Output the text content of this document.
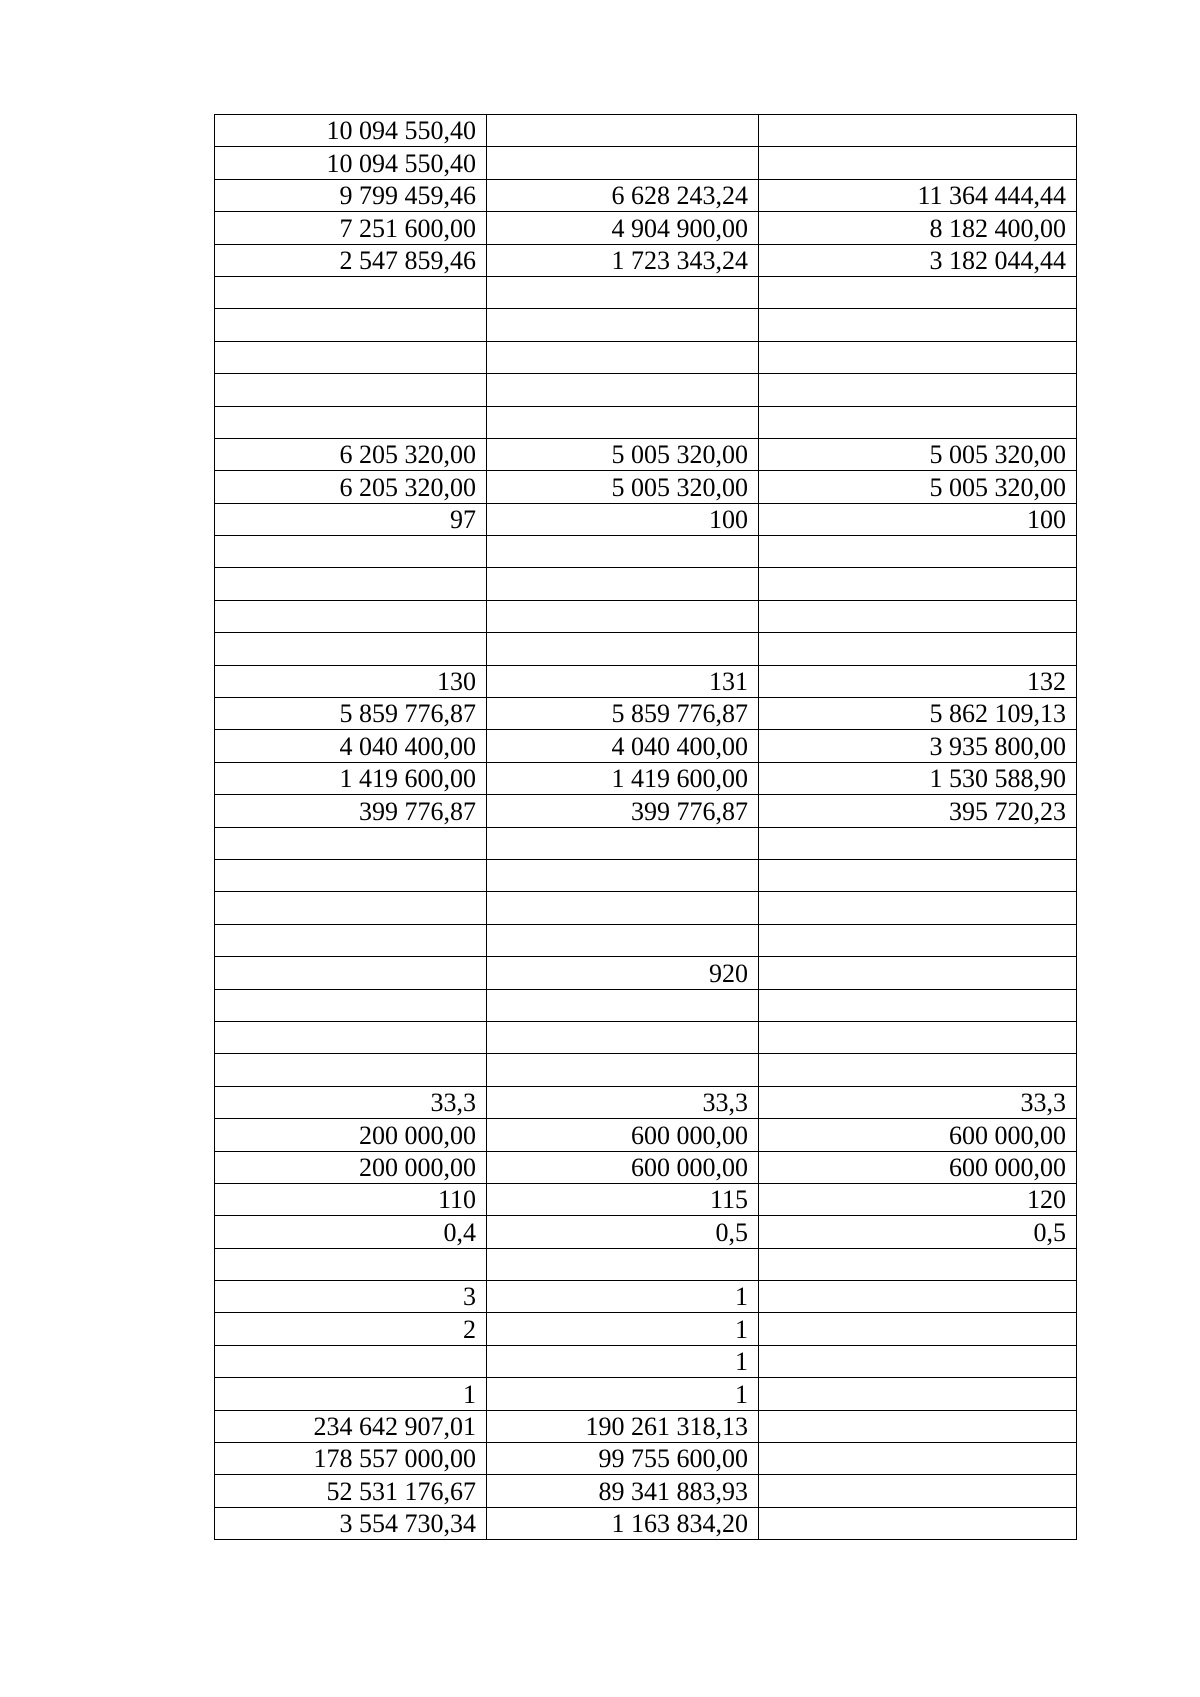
10 094 550,40		
10 094 550,40		
9 799 459,46	6 628 243,24	11 364 444,44
7 251 600,00	4 904 900,00	8 182 400,00
2 547 859,46	1 723 343,24	3 182 044,44

6 205 320,00	5 005 320,00	5 005 320,00
6 205 320,00	5 005 320,00	5 005 320,00
97	100	100

130	131	132
5 859 776,87	5 859 776,87	5 862 109,13
4 040 400,00	4 040 400,00	3 935 800,00
1 419 600,00	1 419 600,00	1 530 588,90
399 776,87	399 776,87	395 720,23

	920	

33,3	33,3	33,3
200 000,00	600 000,00	600 000,00
200 000,00	600 000,00	600 000,00
110	115	120
0,4	0,5	0,5

3	1	
2	1	
	1	
1	1	
234 642 907,01	190 261 318,13	
178 557 000,00	99 755 600,00	
52 531 176,67	89 341 883,93	
3 554 730,34	1 163 834,20	
